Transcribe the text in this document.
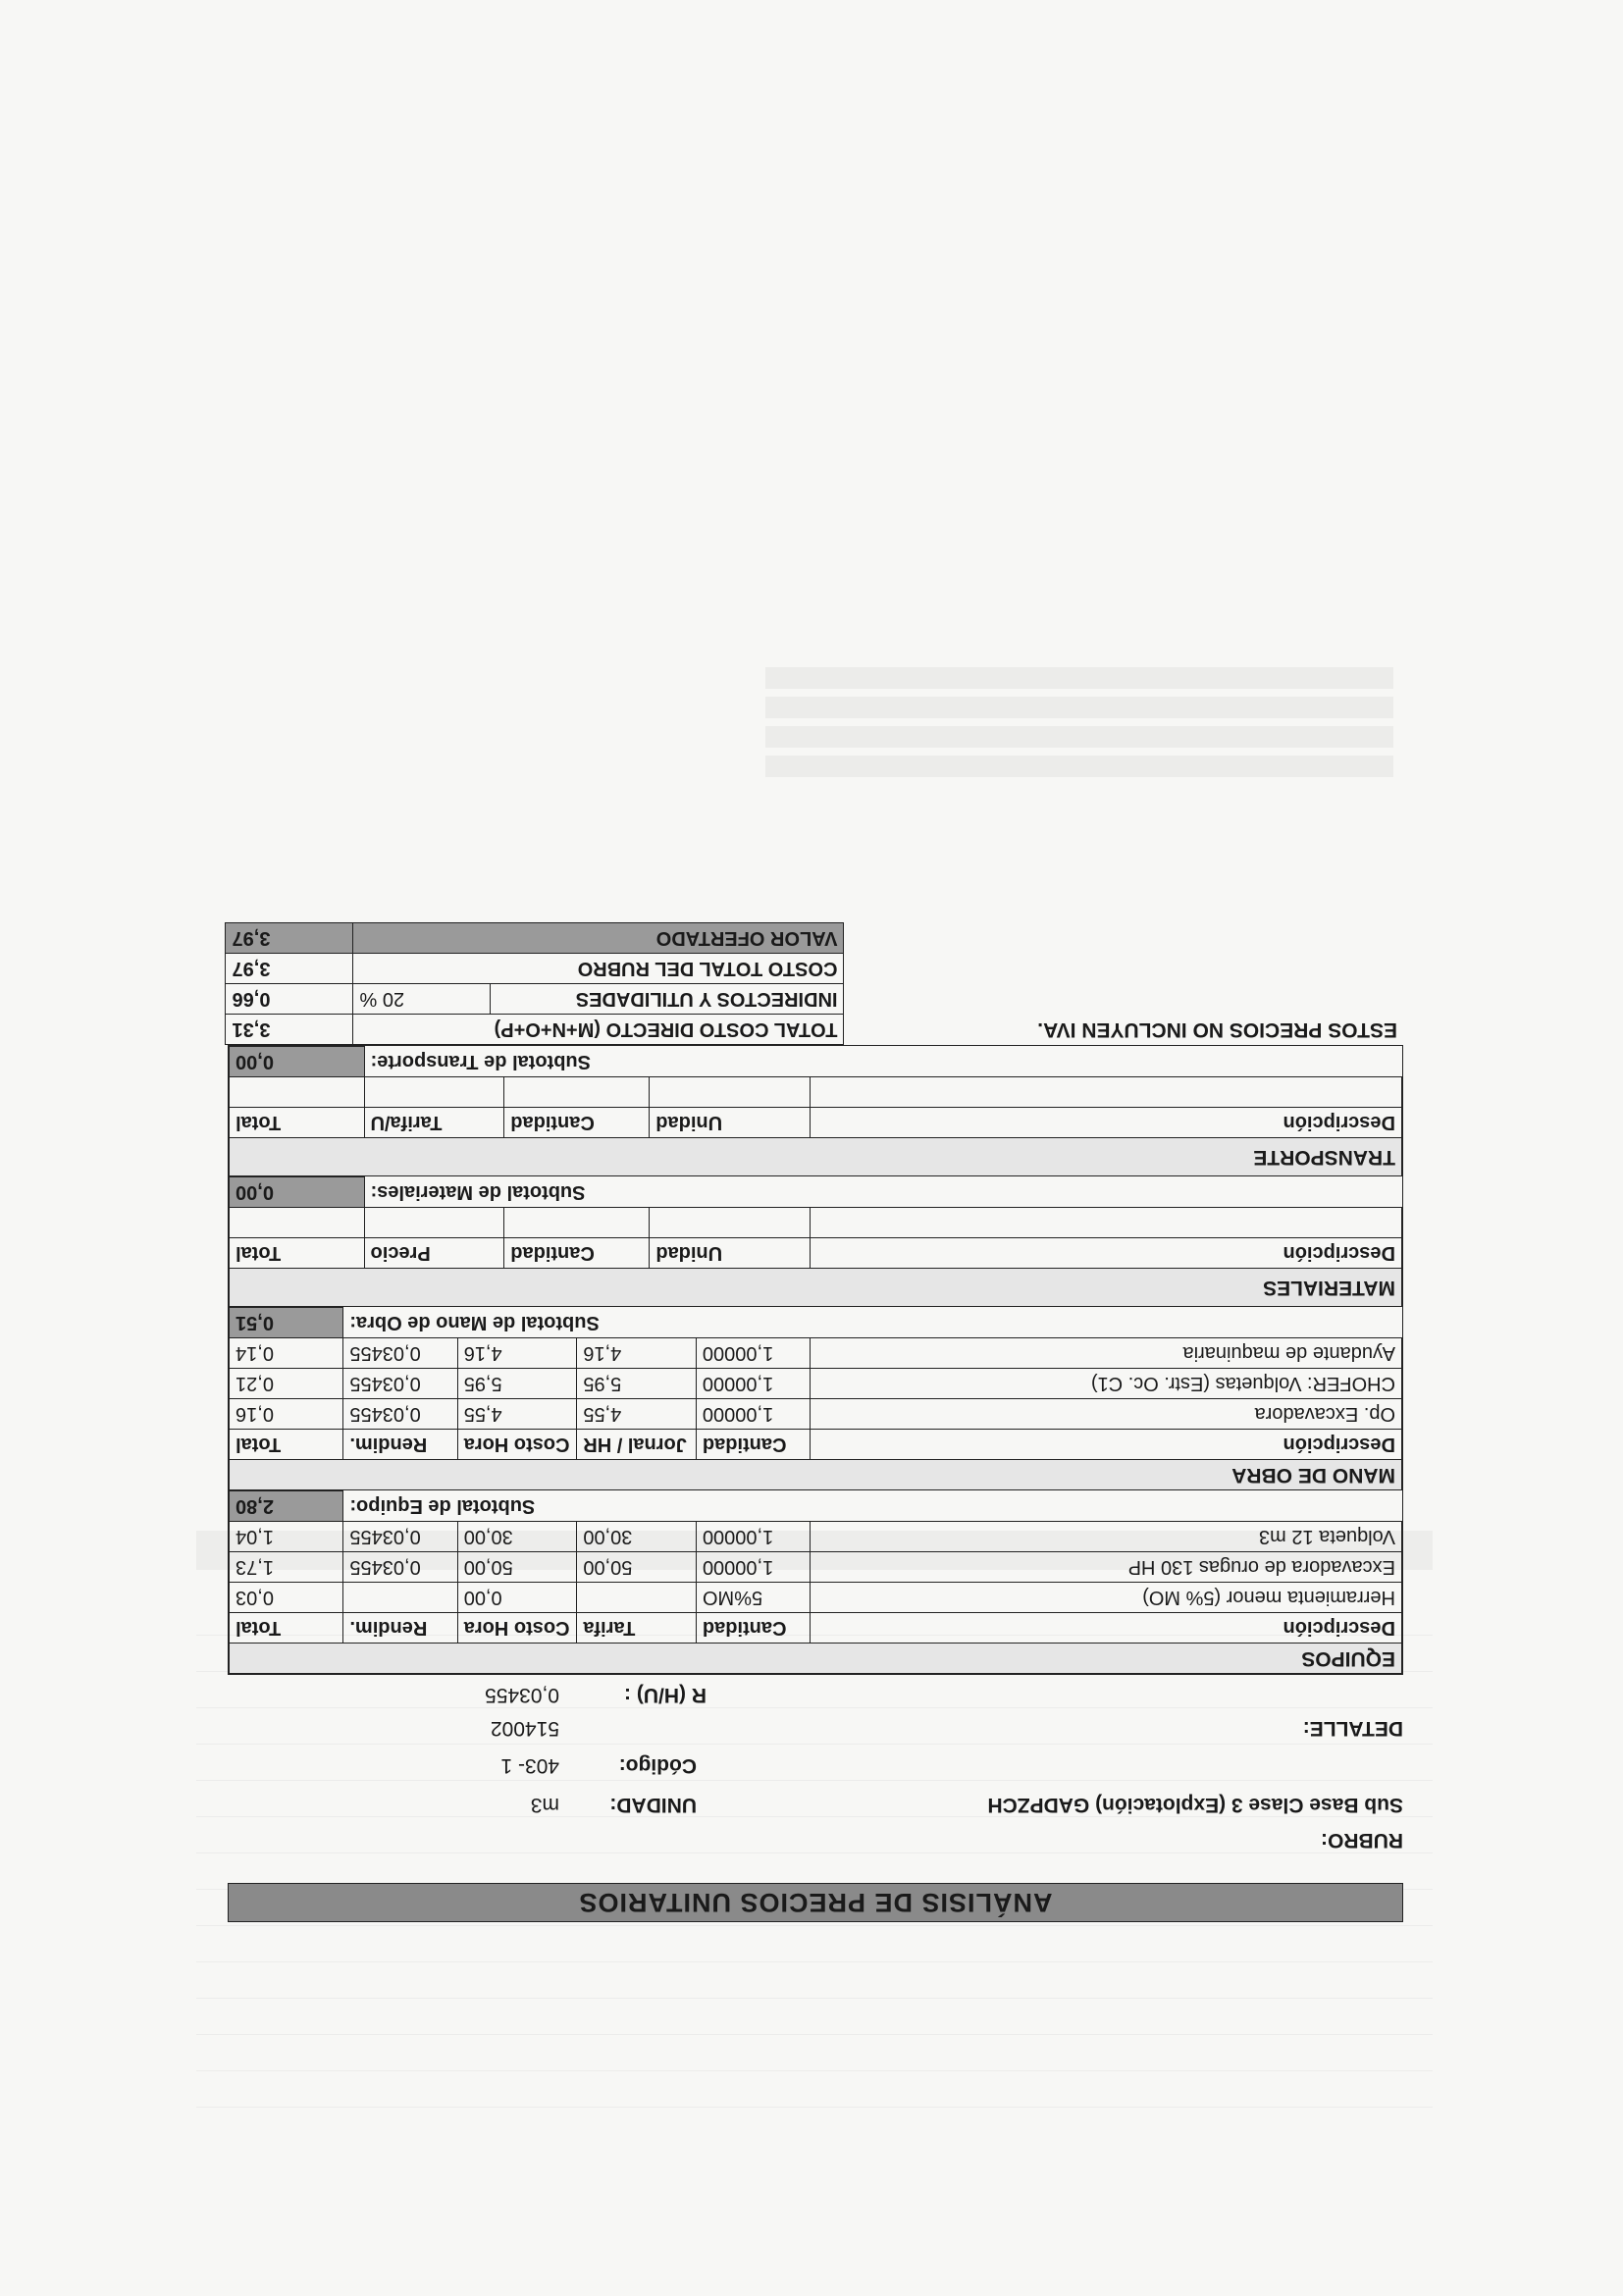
ANÁLISIS DE PRECIOS UNITARIOS
RUBRO:
Sub Base Clase 3 (Explotación) GADPZCH
UNIDAD:
m3
Código:
403- 1
DETALLE:
514002
R (H/U) :
0,03455
EQUIPOS					
Descripción	Cantidad	Tarifa	Costo Hora	Rendim.	Total
Herramienta menor (5% MO)	5%MO		0,00		0,03
Excavadora de orugas 130 HP	1,00000	50,00	50,00	0,03455	1,73
Volqueta 12 m3	1,00000	30,00	30,00	0,03455	1,04
Subtotal de Equipo:					2,80
MANO DE OBRA					
Descripción	Cantidad	Jornal / HR	Costo Hora	Rendim.	Total
Op. Excavadora	1,00000	4,55	4,55	0,03455	0,16
CHOFER: Volquetas (Estr. Oc. C1)	1,00000	5,95	5,95	0,03455	0,21
Ayudante de maquinaria	1,00000	4,16	4,16	0,03455	0,14
Subtotal de Mano de Obra:					0,51
MATERIALES				
Descripción	Unidad	Cantidad	Precio	Total

Subtotal de Materiales:				0,00
TRANSPORTE				
Descripción	Unidad	Cantidad	Tarifa/U	Total

Subtotal de Transporte:				0,00
ESTOS PRECIOS NO INCLUYEN IVA.	TOTAL COSTO DIRECTO (M+N+O+P)		3,31
	INDIRECTOS Y UTILIDADES	20 %	0,66
	COSTO TOTAL DEL RUBRO		3,97
	VALOR OFERTADO		3,97
